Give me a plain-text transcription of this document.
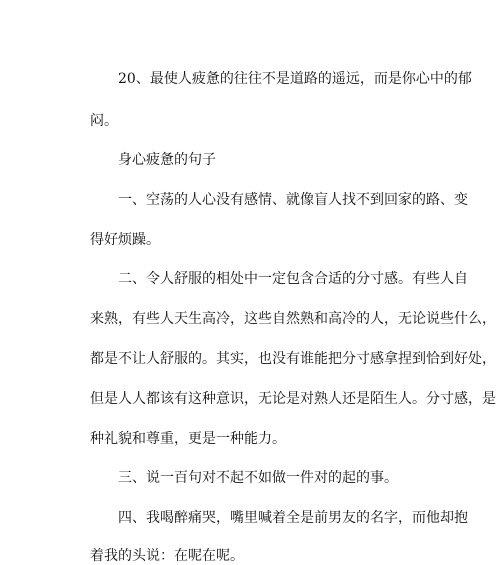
20、最使人疲惫的往往不是道路的遥远，而是你心中的郁

闷。

身心疲惫的句子

一、空荡的人心没有感情、就像盲人找不到回家的路、变

得好烦躁。

二、令人舒服的相处中一定包含合适的分寸感。有些人自

来熟，有些人天生高冷，这些自然熟和高冷的人，无论说些什么，

都是不让人舒服的。其实，也没有谁能把分寸感拿捏到恰到好处，

但是人人都该有这种意识，无论是对熟人还是陌生人。分寸感，是

种礼貌和尊重，更是一种能力。

三、说一百句对不起不如做一件对的起的事。

四、我喝醉痛哭，嘴里喊着全是前男友的名字，而他却抱

着我的头说：在呢在呢。
